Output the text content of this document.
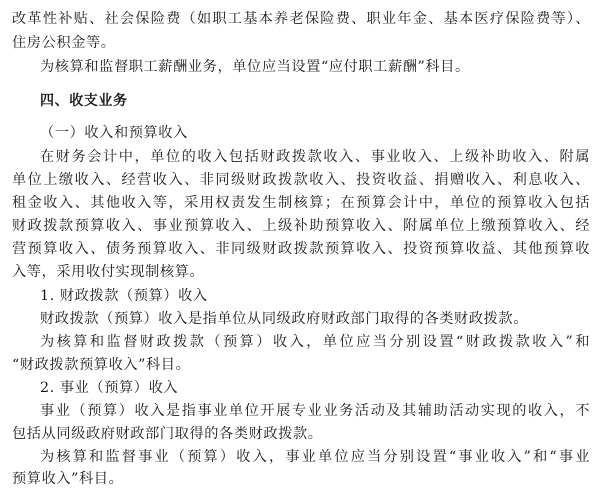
改革性补贴、社会保险费（如职工基本养老保险费、职业年金、基本医疗保险费等）、
住房公积金等。
为核算和监督职工薪酬业务，单位应当设置“应付职工薪酬”科目。
四、收支业务
（一）收入和预算收入
在财务会计中，单位的收入包括财政拨款收入、事业收入、上级补助收入、附属
单位上缴收入、经营收入、非同级财政拨款收入、投资收益、捐赠收入、利息收入、
租金收入、其他收入等，采用权责发生制核算；在预算会计中，单位的预算收入包括
财政拨款预算收入、事业预算收入、上级补助预算收入、附属单位上缴预算收入、经
营预算收入、债务预算收入、非同级财政拨款预算收入、投资预算收益、其他预算收
入等，采用收付实现制核算。
1. 财政拨款（预算）收入
财政拨款（预算）收入是指单位从同级政府财政部门取得的各类财政拨款。
为核算和监督财政拨款（预算）收入，单位应当分别设置“财政拨款收入”和
“财政拨款预算收入”科目。
2. 事业（预算）收入
事业（预算）收入是指事业单位开展专业业务活动及其辅助活动实现的收入，不
包括从同级政府财政部门取得的各类财政拨款。
为核算和监督事业（预算）收入，事业单位应当分别设置“事业收入”和“事业
预算收入”科目。
